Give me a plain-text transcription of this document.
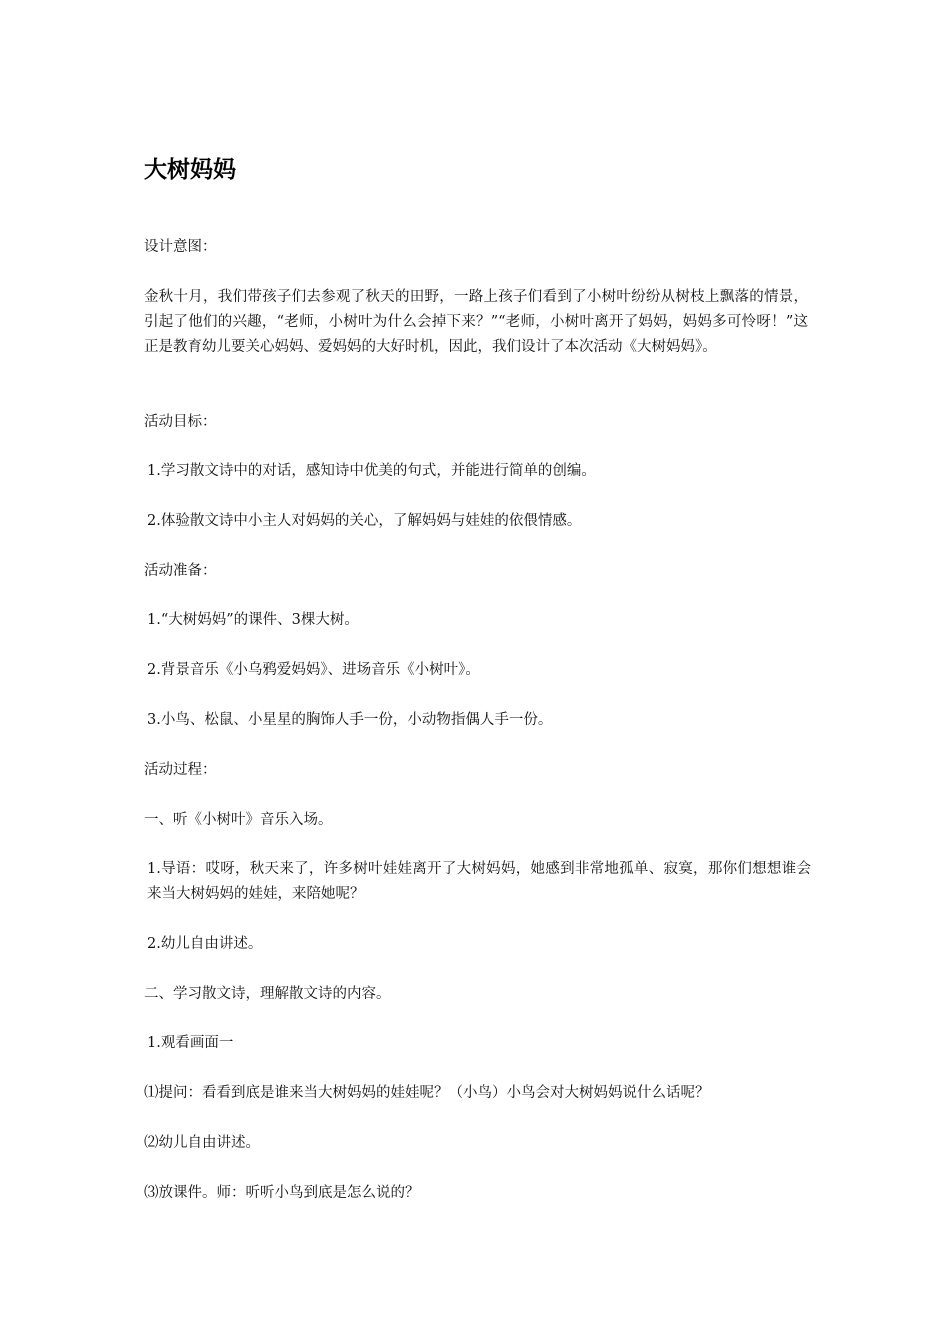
大树妈妈

设计意图：

金秋十月，我们带孩子们去参观了秋天的田野，一路上孩子们看到了小树叶纷纷从树枝上飘落的情景，引起了他们的兴趣，“老师，小树叶为什么会掉下来？”“老师，小树叶离开了妈妈，妈妈多可怜呀！”这正是教育幼儿要关心妈妈、爱妈妈的大好时机，因此，我们设计了本次活动《大树妈妈》。

活动目标：

1.学习散文诗中的对话，感知诗中优美的句式，并能进行简单的创编。

2.体验散文诗中小主人对妈妈的关心，了解妈妈与娃娃的依偎情感。

活动准备：

1.“大树妈妈”的课件、3棵大树。

2.背景音乐《小乌鸦爱妈妈》、进场音乐《小树叶》。

3.小鸟、松鼠、小星星的胸饰人手一份，小动物指偶人手一份。

活动过程：

一、听《小树叶》音乐入场。

1.导语：哎呀，秋天来了，许多树叶娃娃离开了大树妈妈，她感到非常地孤单、寂寞，那你们想想谁会来当大树妈妈的娃娃，来陪她呢？

2.幼儿自由讲述。

二、学习散文诗，理解散文诗的内容。

1.观看画面一

⑴提问：看看到底是谁来当大树妈妈的娃娃呢？（小鸟）小鸟会对大树妈妈说什么话呢？

⑵幼儿自由讲述。

⑶放课件。师：听听小鸟到底是怎么说的？
